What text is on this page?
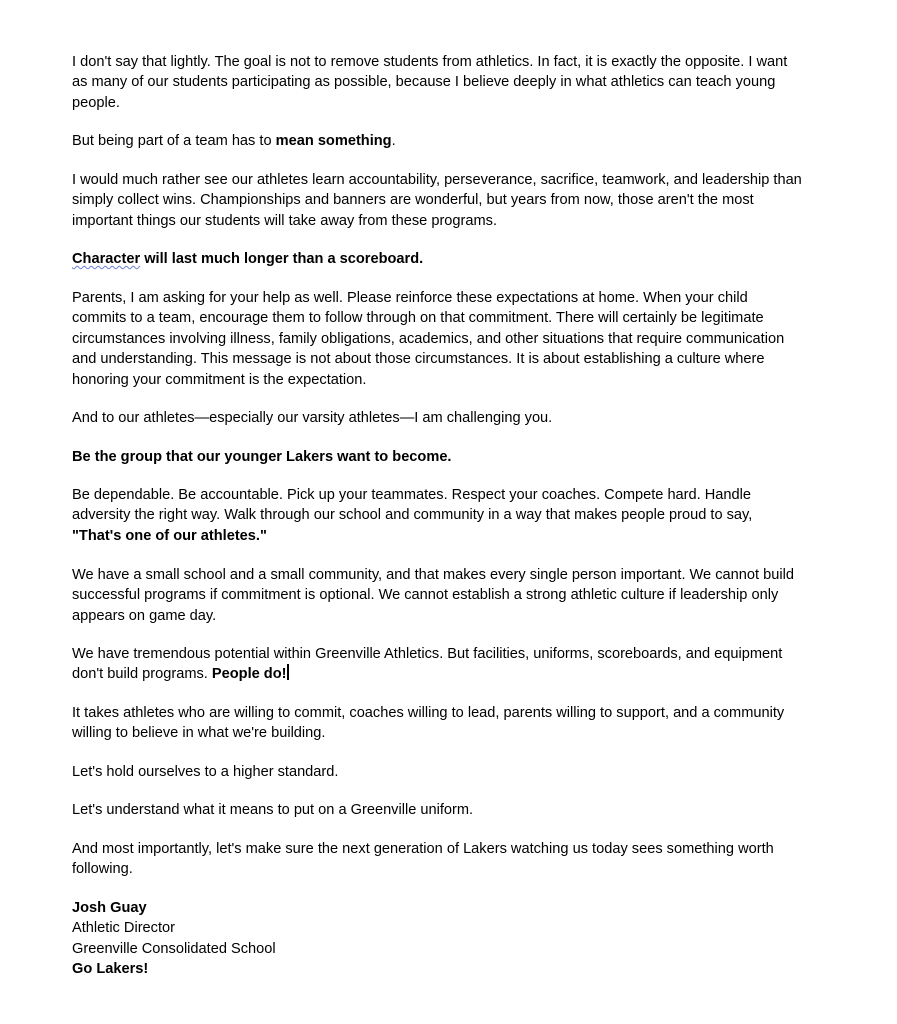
I don't say that lightly. The goal is not to remove students from athletics. In fact, it is exactly the opposite. I want as many of our students participating as possible, because I believe deeply in what athletics can teach young people.

But being part of a team has to mean something.

I would much rather see our athletes learn accountability, perseverance, sacrifice, teamwork, and leadership than simply collect wins. Championships and banners are wonderful, but years from now, those aren't the most important things our students will take away from these programs.

Character will last much longer than a scoreboard.

Parents, I am asking for your help as well. Please reinforce these expectations at home. When your child commits to a team, encourage them to follow through on that commitment. There will certainly be legitimate circumstances involving illness, family obligations, academics, and other situations that require communication and understanding. This message is not about those circumstances. It is about establishing a culture where honoring your commitment is the expectation.

And to our athletes—especially our varsity athletes—I am challenging you.

Be the group that our younger Lakers want to become.

Be dependable. Be accountable. Pick up your teammates. Respect your coaches. Compete hard. Handle adversity the right way. Walk through our school and community in a way that makes people proud to say, "That's one of our athletes."

We have a small school and a small community, and that makes every single person important. We cannot build successful programs if commitment is optional. We cannot establish a strong athletic culture if leadership only appears on game day.

We have tremendous potential within Greenville Athletics. But facilities, uniforms, scoreboards, and equipment don't build programs. People do!

It takes athletes who are willing to commit, coaches willing to lead, parents willing to support, and a community willing to believe in what we're building.

Let's hold ourselves to a higher standard.

Let's understand what it means to put on a Greenville uniform.

And most importantly, let's make sure the next generation of Lakers watching us today sees something worth following.

Josh Guay
Athletic Director
Greenville Consolidated School
Go Lakers!
